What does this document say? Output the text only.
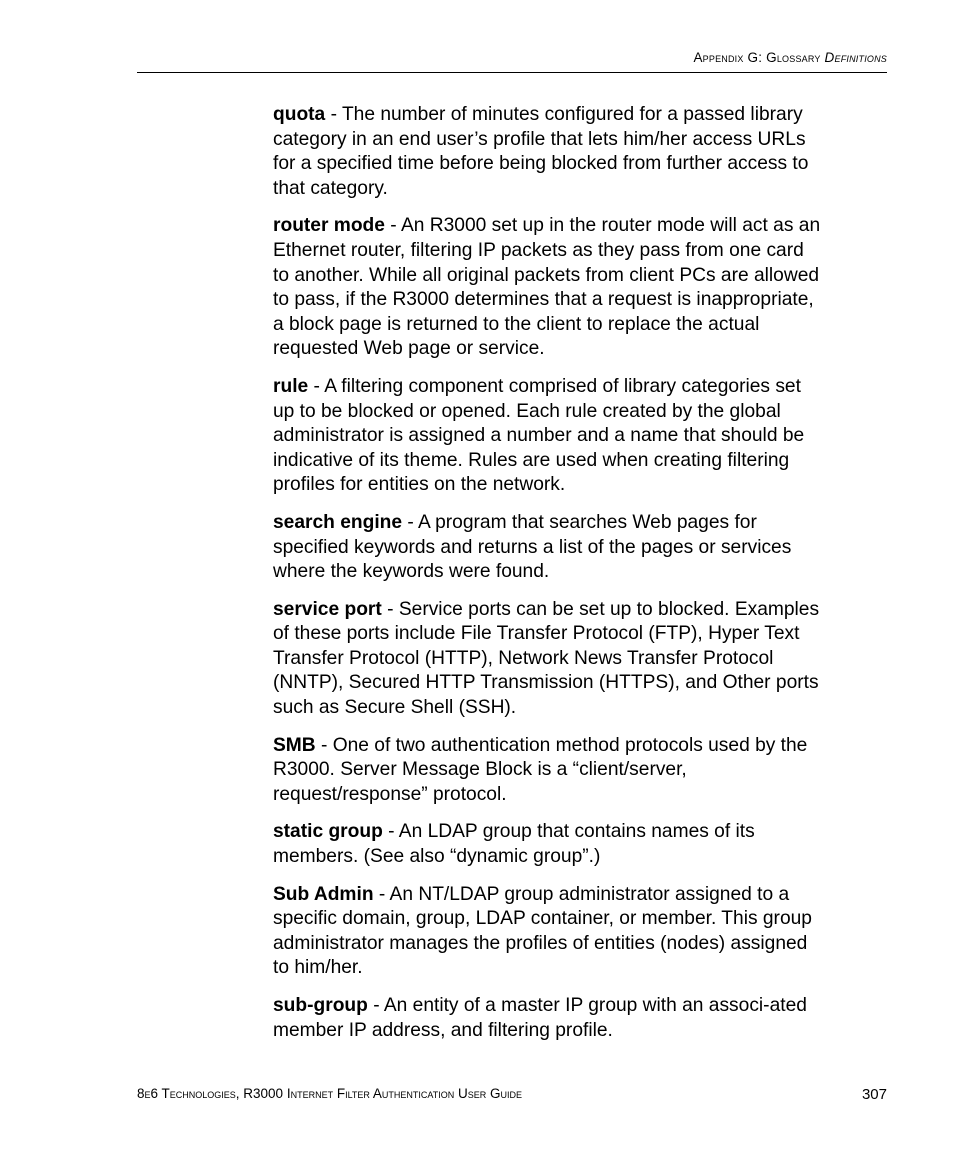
Appendix G: Glossary Definitions

quota - The number of minutes configured for a passed library category in an end user’s profile that lets him/her access URLs for a specified time before being blocked from further access to that category.

router mode - An R3000 set up in the router mode will act as an Ethernet router, filtering IP packets as they pass from one card to another. While all original packets from client PCs are allowed to pass, if the R3000 determines that a request is inappropriate, a block page is returned to the client to replace the actual requested Web page or service.

rule - A filtering component comprised of library categories set up to be blocked or opened. Each rule created by the global administrator is assigned a number and a name that should be indicative of its theme. Rules are used when creating filtering profiles for entities on the network.

search engine - A program that searches Web pages for specified keywords and returns a list of the pages or services where the keywords were found.

service port - Service ports can be set up to blocked. Examples of these ports include File Transfer Protocol (FTP), Hyper Text Transfer Protocol (HTTP), Network News Transfer Protocol (NNTP), Secured HTTP Transmission (HTTPS), and Other ports such as Secure Shell (SSH).

SMB - One of two authentication method protocols used by the R3000. Server Message Block is a “client/server, request/response” protocol.

static group - An LDAP group that contains names of its members. (See also “dynamic group”.)

Sub Admin - An NT/LDAP group administrator assigned to a specific domain, group, LDAP container, or member. This group administrator manages the profiles of entities (nodes) assigned to him/her.

sub-group - An entity of a master IP group with an associ-ated member IP address, and filtering profile.

8e6 Technologies, R3000 Internet Filter Authentication User Guide	307
